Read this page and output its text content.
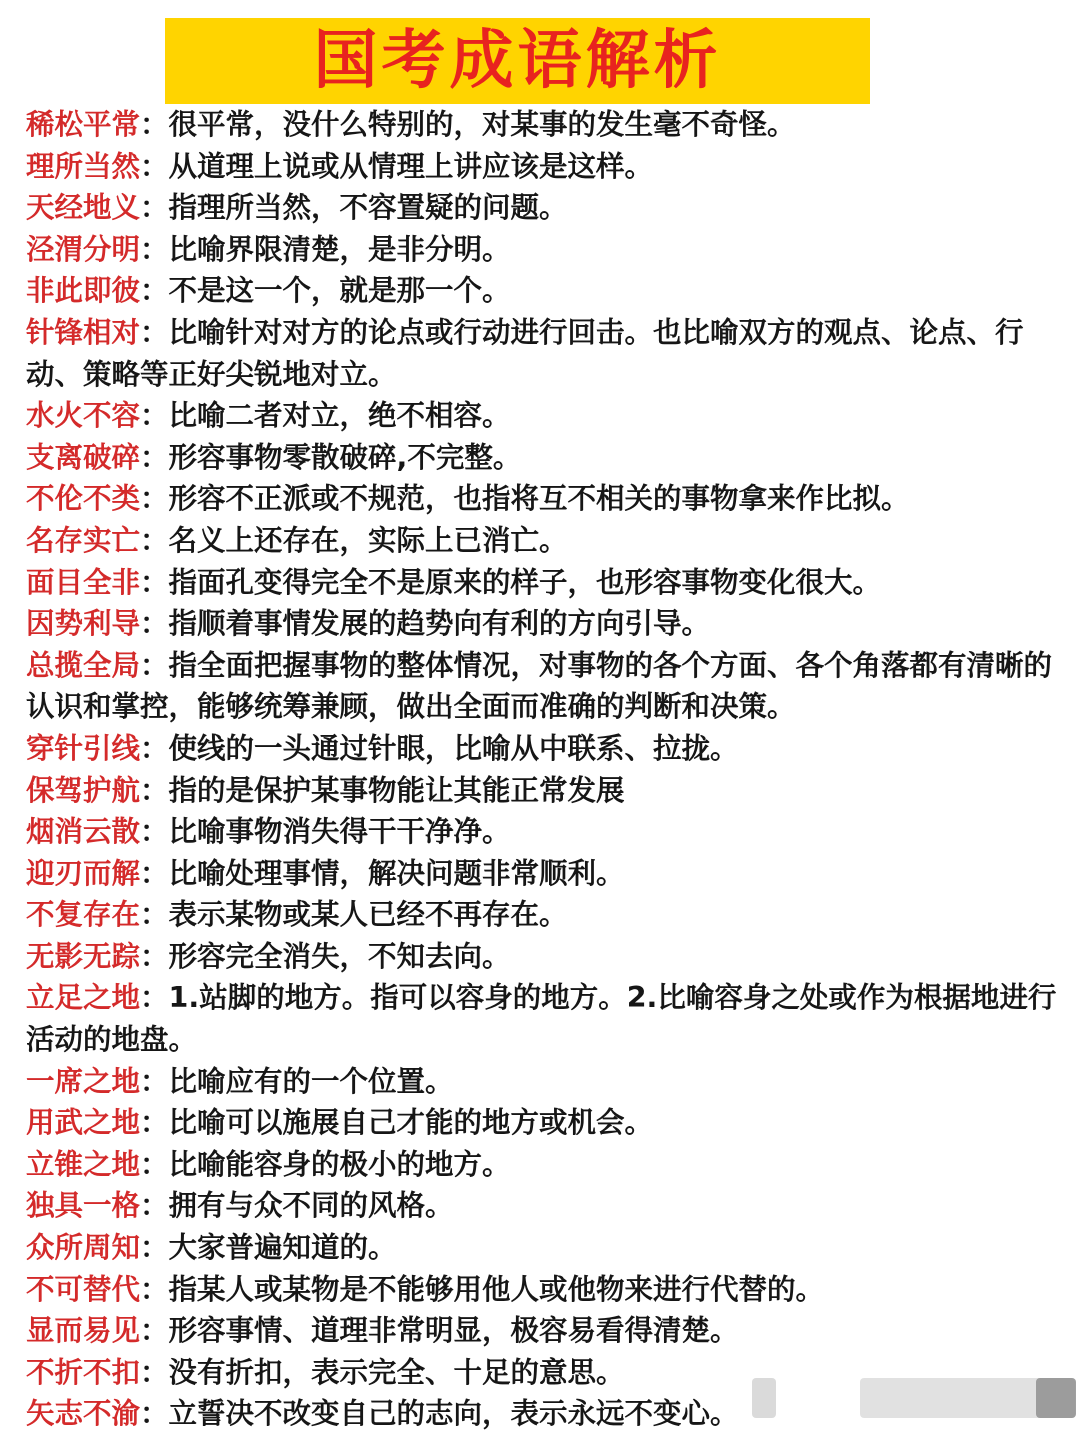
国考成语解析
稀松平常：很平常，没什么特别的，对某事的发生毫不奇怪。
理所当然：从道理上说或从情理上讲应该是这样。
天经地义：指理所当然，不容置疑的问题。
泾渭分明：比喻界限清楚，是非分明。
非此即彼：不是这一个，就是那一个。
针锋相对：比喻针对对方的论点或行动进行回击。也比喻双方的观点、论点、行动、策略等正好尖锐地对立。
水火不容：比喻二者对立，绝不相容。
支离破碎：形容事物零散破碎,不完整。
不伦不类：形容不正派或不规范，也指将互不相关的事物拿来作比拟。
名存实亡：名义上还存在，实际上已消亡。
面目全非：指面孔变得完全不是原来的样子，也形容事物变化很大。
因势利导：指顺着事情发展的趋势向有利的方向引导。
总揽全局：指全面把握事物的整体情况，对事物的各个方面、各个角落都有清晰的认识和掌控，能够统筹兼顾，做出全面而准确的判断和决策。
穿针引线：使线的一头通过针眼，比喻从中联系、拉拢。
保驾护航：指的是保护某事物能让其能正常发展
烟消云散：比喻事物消失得干干净净。
迎刃而解：比喻处理事情，解决问题非常顺利。
不复存在：表示某物或某人已经不再存在。
无影无踪：形容完全消失，不知去向。
立足之地：1.站脚的地方。指可以容身的地方。2.比喻容身之处或作为根据地进行活动的地盘。
一席之地：比喻应有的一个位置。
用武之地：比喻可以施展自己才能的地方或机会。
立锥之地：比喻能容身的极小的地方。
独具一格：拥有与众不同的风格。
众所周知：大家普遍知道的。
不可替代：指某人或某物是不能够用他人或他物来进行代替的。
显而易见：形容事情、道理非常明显，极容易看得清楚。
不折不扣：没有折扣，表示完全、十足的意思。
矢志不渝：立誓决不改变自己的志向，表示永远不变心。
